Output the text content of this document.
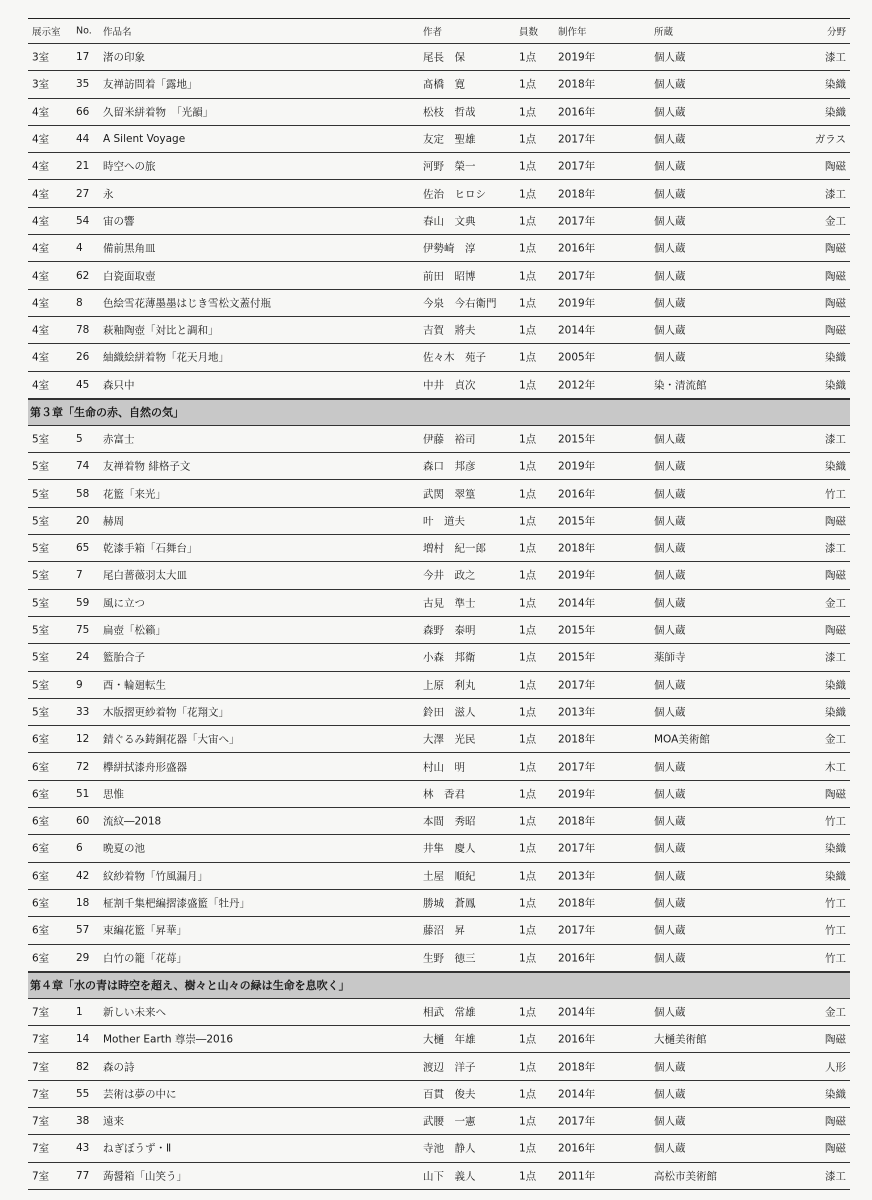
展示室 No. 作品名	作者	員数 制作年	所蔵	分野
3室	17 渚の印象	尾長　保	1点 2019年	個人蔵	漆工
3室	35 友禅訪問着「露地」	髙橋　寛	1点 2018年	個人蔵	染織
4室	66 久留米絣着物　「光韻」	松枝　哲哉	1点 2016年	個人蔵	染織
4室	44 A Silent Voyage	友定　聖雄	1点 2017年	個人蔵	ガラス
4室	21 時空への旅	河野　榮一	1点 2017年	個人蔵	陶磁
4室	27 永	佐治　ヒロシ	1点 2018年	個人蔵	漆工
4室	54 宙の響	春山　文典	1点 2017年	個人蔵	金工
4室	4 備前黒角皿	伊勢崎　淳	1点 2016年	個人蔵	陶磁
4室	62 白瓷面取壺	前田　昭博	1点 2017年	個人蔵	陶磁
4室	8 色絵雪花薄墨墨はじき雪松文蓋付瓶	今泉　今右衛門 1点 2019年	個人蔵	陶磁
4室	78 萩釉陶壺「対比と調和」	吉賀　將夫	1点 2014年	個人蔵	陶磁
4室	26 紬織絵絣着物「花天月地」	佐々木　苑子	1点 2005年	個人蔵	染織
4室	45 森只中	中井　貞次	1点 2012年	染・清流館	染織
第３章「生命の赤、自然の気」
5室	5 赤富士	伊藤　裕司	1点 2015年	個人蔵	漆工
5室	74 友禅着物 緋格子文	森口　邦彦	1点 2019年	個人蔵	染織
5室	58 花籃「来光」	武関　翠篁	1点 2016年	個人蔵	竹工
5室	20 赫周	叶　道夫	1点 2015年	個人蔵	陶磁
5室	65 乾漆手箱「石舞台」	増村　紀一郎	1点 2018年	個人蔵	漆工
5室	7 尾白薔薇羽太大皿	今井　政之	1点 2019年	個人蔵	陶磁
5室	59 風に立つ	古見　準士	1点 2014年	個人蔵	金工
5室	75 扁壺「松籟」	森野　泰明	1点 2015年	個人蔵	陶磁
5室	24 籃胎合子	小森　邦衛	1点 2015年	薬師寺	漆工
5室	9 酉・輪廻転生	上原　利丸	1点 2017年	個人蔵	染織
5室	33 木版摺更紗着物「花翔文」	鈴田　滋人	1点 2013年	個人蔵	染織
6室	12 錆ぐるみ鋳銅花器「大宙へ」	大澤　光民	1点 2018年	MOA美術館	金工
6室	72 欅絣拭漆舟形盛器	村山　明	1点 2017年	個人蔵	木工
6室	51 思惟	林　香君	1点 2019年	個人蔵	陶磁
6室	60 流紋―2018	本間　秀昭	1点 2018年	個人蔵	竹工
6室	6 晩夏の池	井隼　慶人	1点 2017年	個人蔵	染織
6室	42 紋紗着物「竹風漏月」	土屋　順紀	1点 2013年	個人蔵	染織
6室	18 柾割千集杷編摺漆盛籃「牡丹」	勝城　蒼鳳	1点 2018年	個人蔵	竹工
6室	57 束編花籃「昇華」	藤沼　昇	1点 2017年	個人蔵	竹工
6室	29 白竹の籠「花苺」	生野　徳三	1点 2016年	個人蔵	竹工
第４章「水の青は時空を超え、樹々と山々の緑は生命を息吹く」
7室	1 新しい未来へ	相武　常雄	1点 2014年	個人蔵	金工
7室	14 Mother Earth 尊崇―2016	大樋　年雄	1点 2016年	大樋美術館	陶磁
7室	82 森の詩	渡辺　洋子	1点 2018年	個人蔵	人形
7室	55 芸術は夢の中に	百貫　俊夫	1点 2014年	個人蔵	染織
7室	38 遠来	武腰　一憲	1点 2017年	個人蔵	陶磁
7室	43 ねぎぼうず・Ⅱ	寺池　静人	1点 2016年	個人蔵	陶磁
7室	77 蒟醤箱「山笑う」	山下　義人	1点 2011年	高松市美術館	漆工
